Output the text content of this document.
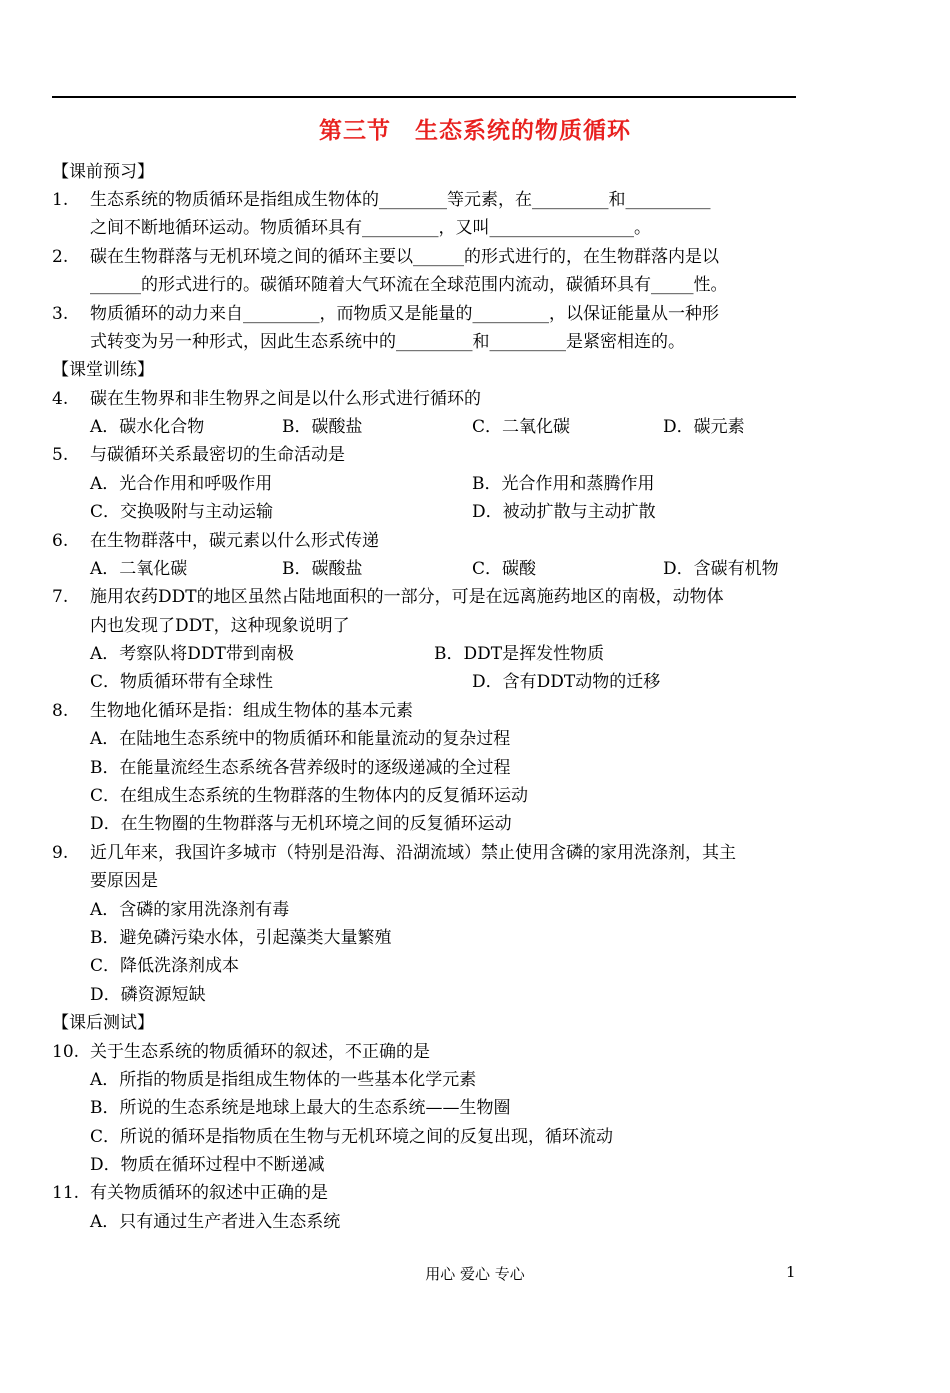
第三节　生态系统的物质循环
【课前预习】
1. 生态系统的物质循环是指组成生物体的________等元素，在_________和__________
之间不断地循环运动。物质循环具有_________，又叫_________________。
2. 碳在生物群落与无机环境之间的循环主要以______的形式进行的，在生物群落内是以
______的形式进行的。碳循环随着大气环流在全球范围内流动，碳循环具有_____性。
3. 物质循环的动力来自_________，而物质又是能量的_________，以保证能量从一种形
式转变为另一种形式，因此生态系统中的_________和_________是紧密相连的。
【课堂训练】
4. 碳在生物界和非生物界之间是以什么形式进行循环的
A．碳水化合物	B．碳酸盐	C．二氧化碳	D．碳元素
5. 与碳循环关系最密切的生命活动是
A．光合作用和呼吸作用	B．光合作用和蒸腾作用
C．交换吸附与主动运输	D．被动扩散与主动扩散
6. 在生物群落中，碳元素以什么形式传递
A．二氧化碳	B．碳酸盐	C．碳酸	D．含碳有机物
7. 施用农药DDT的地区虽然占陆地面积的一部分，可是在远离施药地区的南极，动物体
内也发现了DDT，这种现象说明了
A．考察队将DDT带到南极	B．DDT是挥发性物质
C．物质循环带有全球性	D．含有DDT动物的迁移
8. 生物地化循环是指：组成生物体的基本元素
A．在陆地生态系统中的物质循环和能量流动的复杂过程
B．在能量流经生态系统各营养级时的逐级递减的全过程
C．在组成生态系统的生物群落的生物体内的反复循环运动
D．在生物圈的生物群落与无机环境之间的反复循环运动
9. 近几年来，我国许多城市（特别是沿海、沿湖流域）禁止使用含磷的家用洗涤剂，其主
要原因是
A．含磷的家用洗涤剂有毒
B．避免磷污染水体，引起藻类大量繁殖
C．降低洗涤剂成本
D．磷资源短缺
【课后测试】
10. 关于生态系统的物质循环的叙述，不正确的是
A．所指的物质是指组成生物体的一些基本化学元素
B．所说的生态系统是地球上最大的生态系统——生物圈
C．所说的循环是指物质在生物与无机环境之间的反复出现，循环流动
D．物质在循环过程中不断递减
11. 有关物质循环的叙述中正确的是
A．只有通过生产者进入生态系统
用心 爱心 专心	1
